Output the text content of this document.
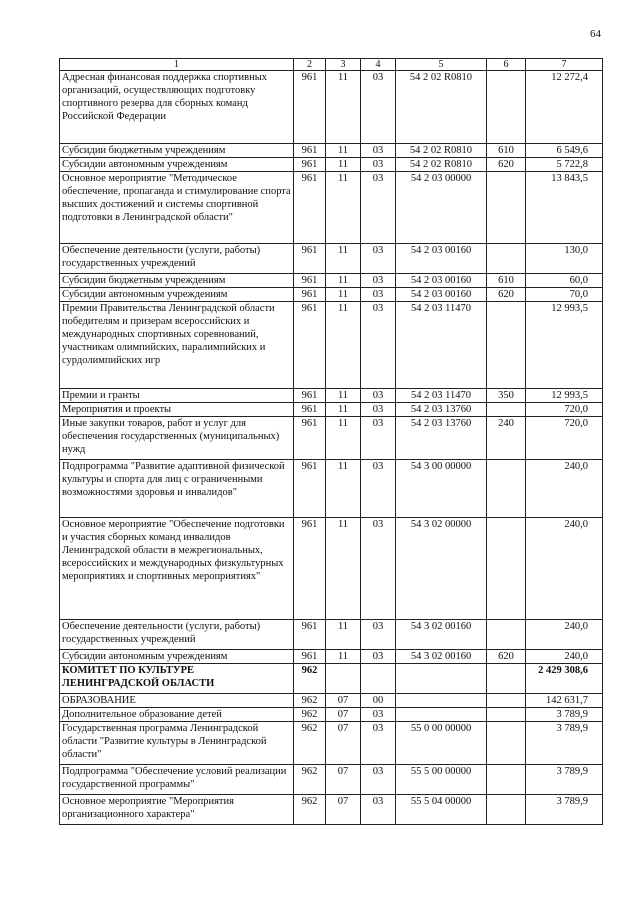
64
1	2	3	4	5	6	7
Адресная финансовая поддержка спортивных организаций, осуществляющих подготовку спортивного резерва для сборных команд Российской Федерации	961	11	03	54 2 02 R0810		12 272,4
Субсидии бюджетным учреждениям	961	11	03	54 2 02 R0810	610	6 549,6
Субсидии автономным учреждениям	961	11	03	54 2 02 R0810	620	5 722,8
Основное мероприятие "Методическое обеспечение, пропаганда и стимулирование спорта высших достижений и системы спортивной подготовки в Ленинградской области"	961	11	03	54 2 03 00000		13 843,5
Обеспечение деятельности (услуги, работы) государственных учреждений	961	11	03	54 2 03 00160		130,0
Субсидии бюджетным учреждениям	961	11	03	54 2 03 00160	610	60,0
Субсидии автономным учреждениям	961	11	03	54 2 03 00160	620	70,0
Премии Правительства Ленинградской области победителям и призерам всероссийских и международных спортивных соревнований, участникам олимпийских, паралимпийских и сурдолимпийских игр	961	11	03	54 2 03 11470		12 993,5
Премии и гранты	961	11	03	54 2 03 11470	350	12 993,5
Мероприятия и проекты	961	11	03	54 2 03 13760		720,0
Иные закупки товаров, работ и услуг для обеспечения государственных (муниципальных) нужд	961	11	03	54 2 03 13760	240	720,0
Подпрограмма "Развитие адаптивной физической культуры и спорта для лиц с ограниченными возможностями здоровья и инвалидов"	961	11	03	54 3 00 00000		240,0
Основное мероприятие "Обеспечение подготовки и участия сборных команд инвалидов Ленинградской области в межрегиональных, всероссийских и международных физкультурных мероприятиях и спортивных мероприятиях"	961	11	03	54 3 02 00000		240,0
Обеспечение деятельности (услуги, работы) государственных учреждений	961	11	03	54 3 02 00160		240,0
Субсидии автономным учреждениям	961	11	03	54 3 02 00160	620	240,0
КОМИТЕТ ПО КУЛЬТУРЕ ЛЕНИНГРАДСКОЙ ОБЛАСТИ	962					2 429 308,6
ОБРАЗОВАНИЕ	962	07	00			142 631,7
Дополнительное образование детей	962	07	03			3 789,9
Государственная программа Ленинградской области "Развитие культуры в Ленинградской области"	962	07	03	55 0 00 00000		3 789,9
Подпрограмма "Обеспечение условий реализации государственной программы"	962	07	03	55 5 00 00000		3 789,9
Основное мероприятие "Мероприятия организационного характера"	962	07	03	55 5 04 00000		3 789,9
